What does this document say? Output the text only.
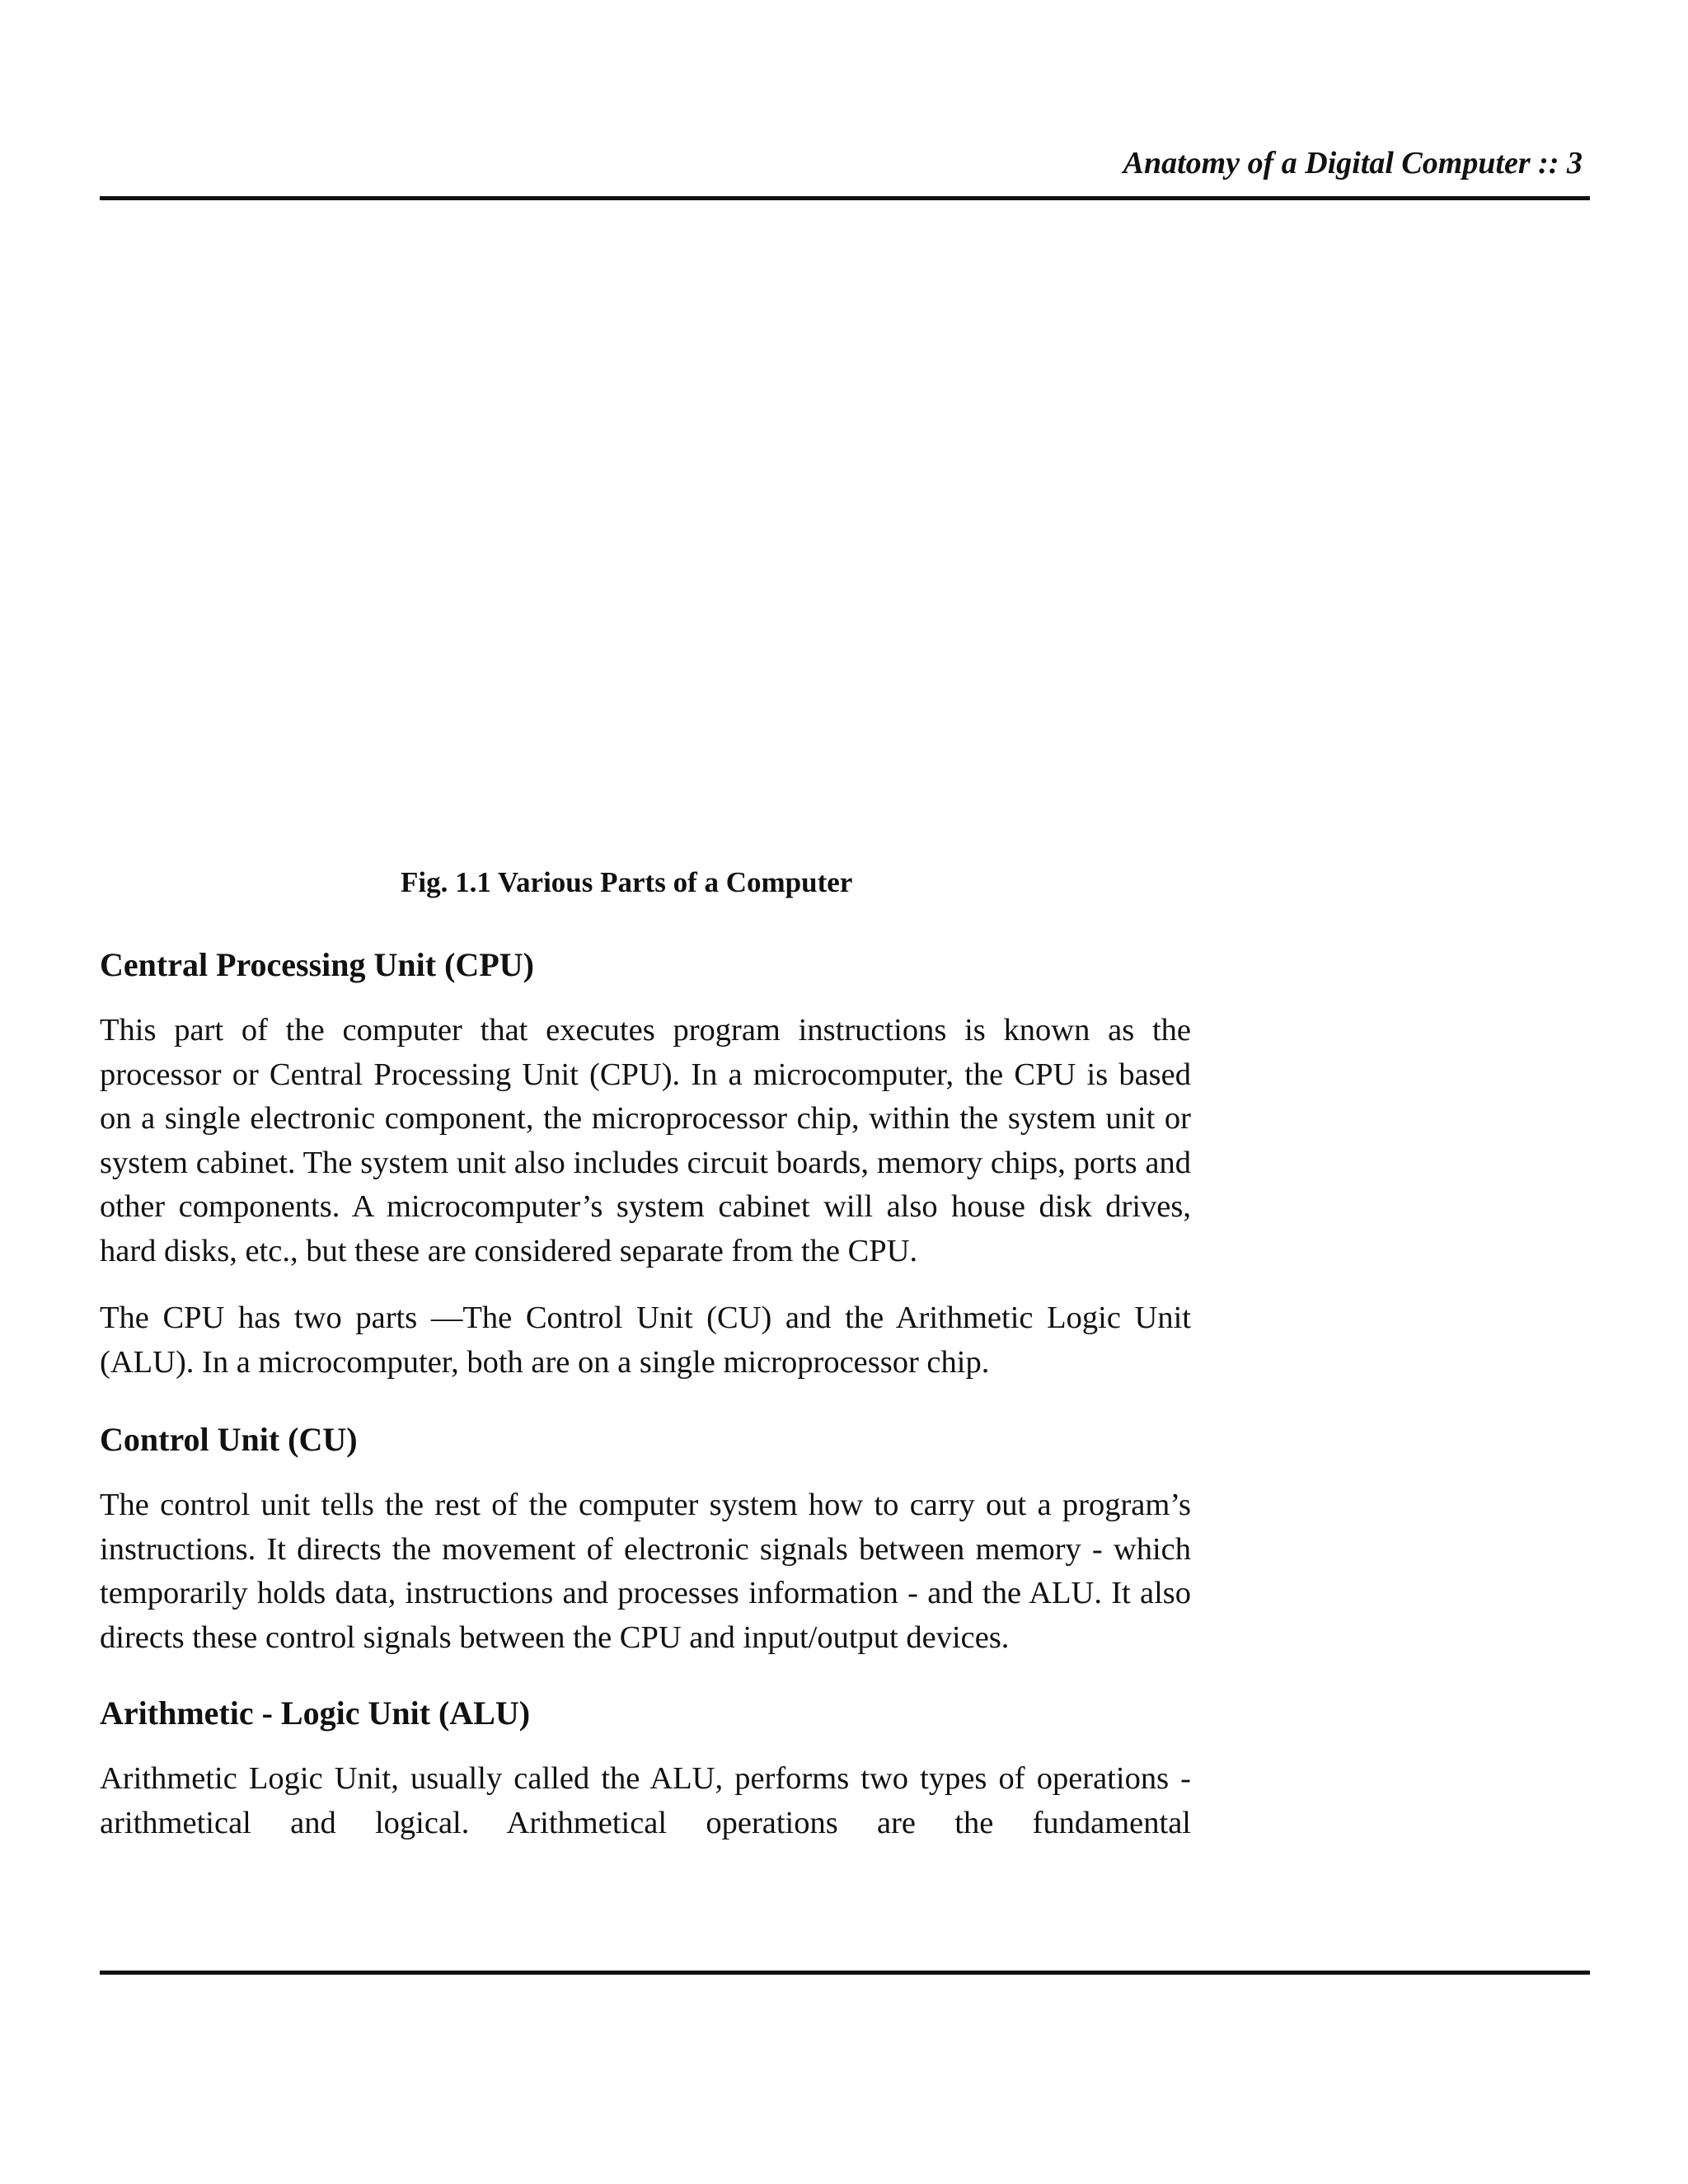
Anatomy of a Digital Computer :: 3
Fig. 1.1 Various Parts of a Computer
Central Processing Unit (CPU)

This part of the computer that executes program instructions is known as the processor or Central Processing Unit (CPU). In a microcomputer, the CPU is based on a single electronic component, the microprocessor chip, within the system unit or system cabinet. The system unit also includes circuit boards, memory chips, ports and other components. A microcomputer’s system cabinet will also house disk drives, hard disks, etc., but these are considered separate from the CPU.

The CPU has two parts —The Control Unit (CU) and the Arithmetic Logic Unit (ALU). In a microcomputer, both are on a single microprocessor chip.

Control Unit (CU)

The control unit tells the rest of the computer system how to carry out a program’s instructions. It directs the movement of electronic signals between memory - which temporarily holds data, instructions and processes information - and the ALU. It also directs these control signals between the CPU and input/output devices.

Arithmetic - Logic Unit (ALU)

Arithmetic Logic Unit, usually called the ALU, performs two types of operations - arithmetical and logical. Arithmetical operations are the fundamental
